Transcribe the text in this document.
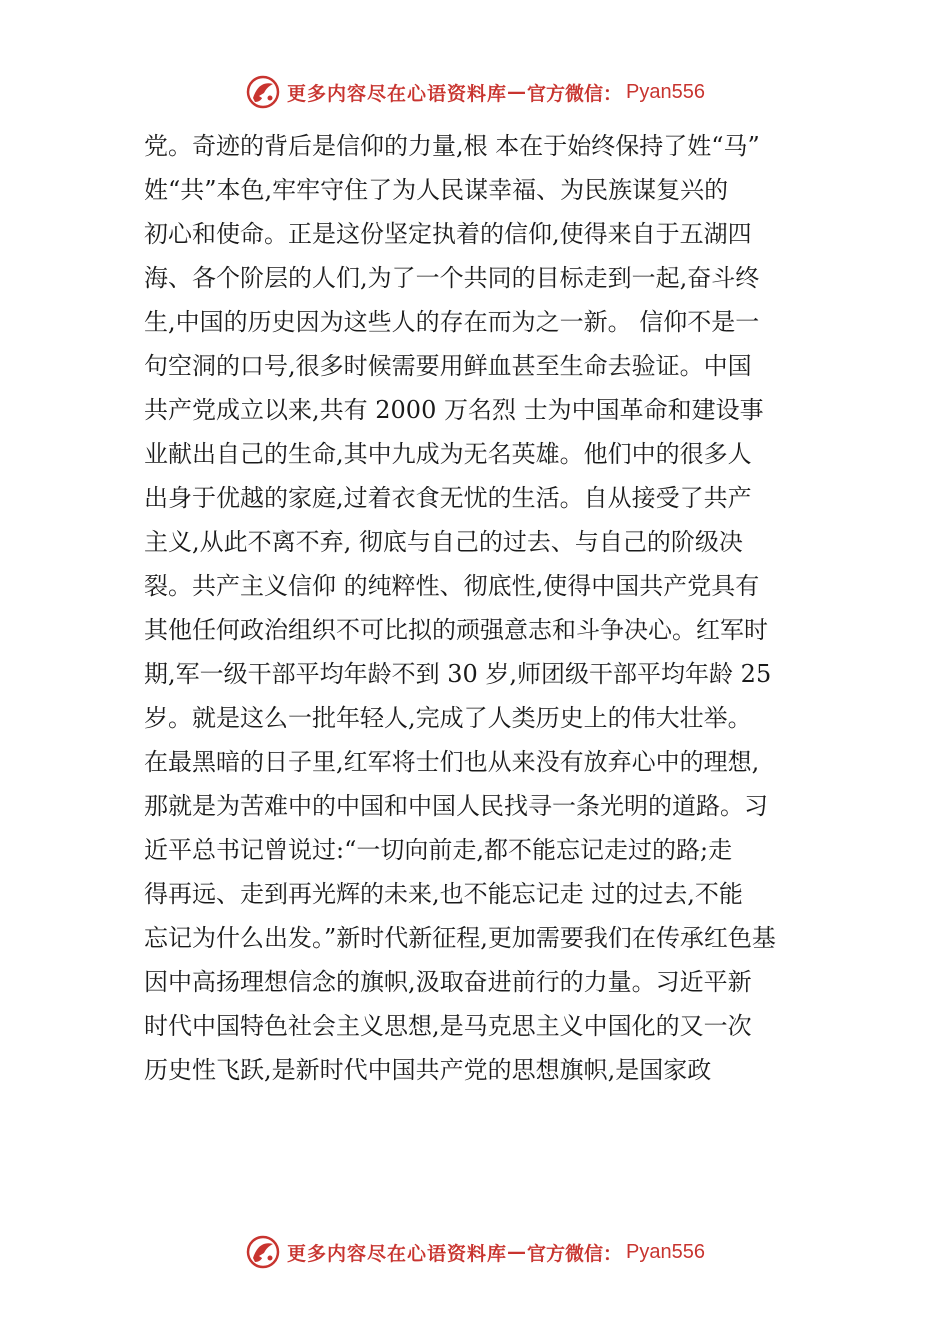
更多内容尽在心语资料库 — 官方微信： Pyan556
党。奇迹的背后是信仰的力量,根 本在于始终保持了姓“马”
姓“共”本色,牢牢守住了为人民谋幸福、为民族谋复兴的
初心和使命。正是这份坚定执着的信仰,使得来自于五湖四
海、各个阶层的人们,为了一个共同的目标走到一起,奋斗终
生,中国的历史因为这些人的存在而为之一新。 信仰不是一
句空洞的口号,很多时候需要用鲜血甚至生命去验证。中国
共产党成立以来,共有 2000 万名烈 士为中国革命和建设事
业献出自己的生命,其中九成为无名英雄。他们中的很多人
出身于优越的家庭,过着衣食无忧的生活。自从接受了共产
主义,从此不离不弃, 彻底与自己的过去、与自己的阶级决
裂。共产主义信仰 的纯粹性、彻底性,使得中国共产党具有
其他任何政治组织不可比拟的顽强意志和斗争决心。红军时
期,军一级干部平均年龄不到 30 岁,师团级干部平均年龄 25
岁。就是这么一批年轻人,完成了人类历史上的伟大壮举。
在最黑暗的日子里,红军将士们也从来没有放弃心中的理想,
那就是为苦难中的中国和中国人民找寻一条光明的道路。习
近平总书记曾说过:“一切向前走,都不能忘记走过的路;走
得再远、走到再光辉的未来,也不能忘记走 过的过去,不能
忘记为什么出发。”新时代新征程,更加需要我们在传承红色基
因中高扬理想信念的旗帜,汲取奋进前行的力量。习近平新
时代中国特色社会主义思想,是马克思主义中国化的又一次
历史性飞跃,是新时代中国共产党的思想旗帜,是国家政
更多内容尽在心语资料库 — 官方微信： Pyan556
